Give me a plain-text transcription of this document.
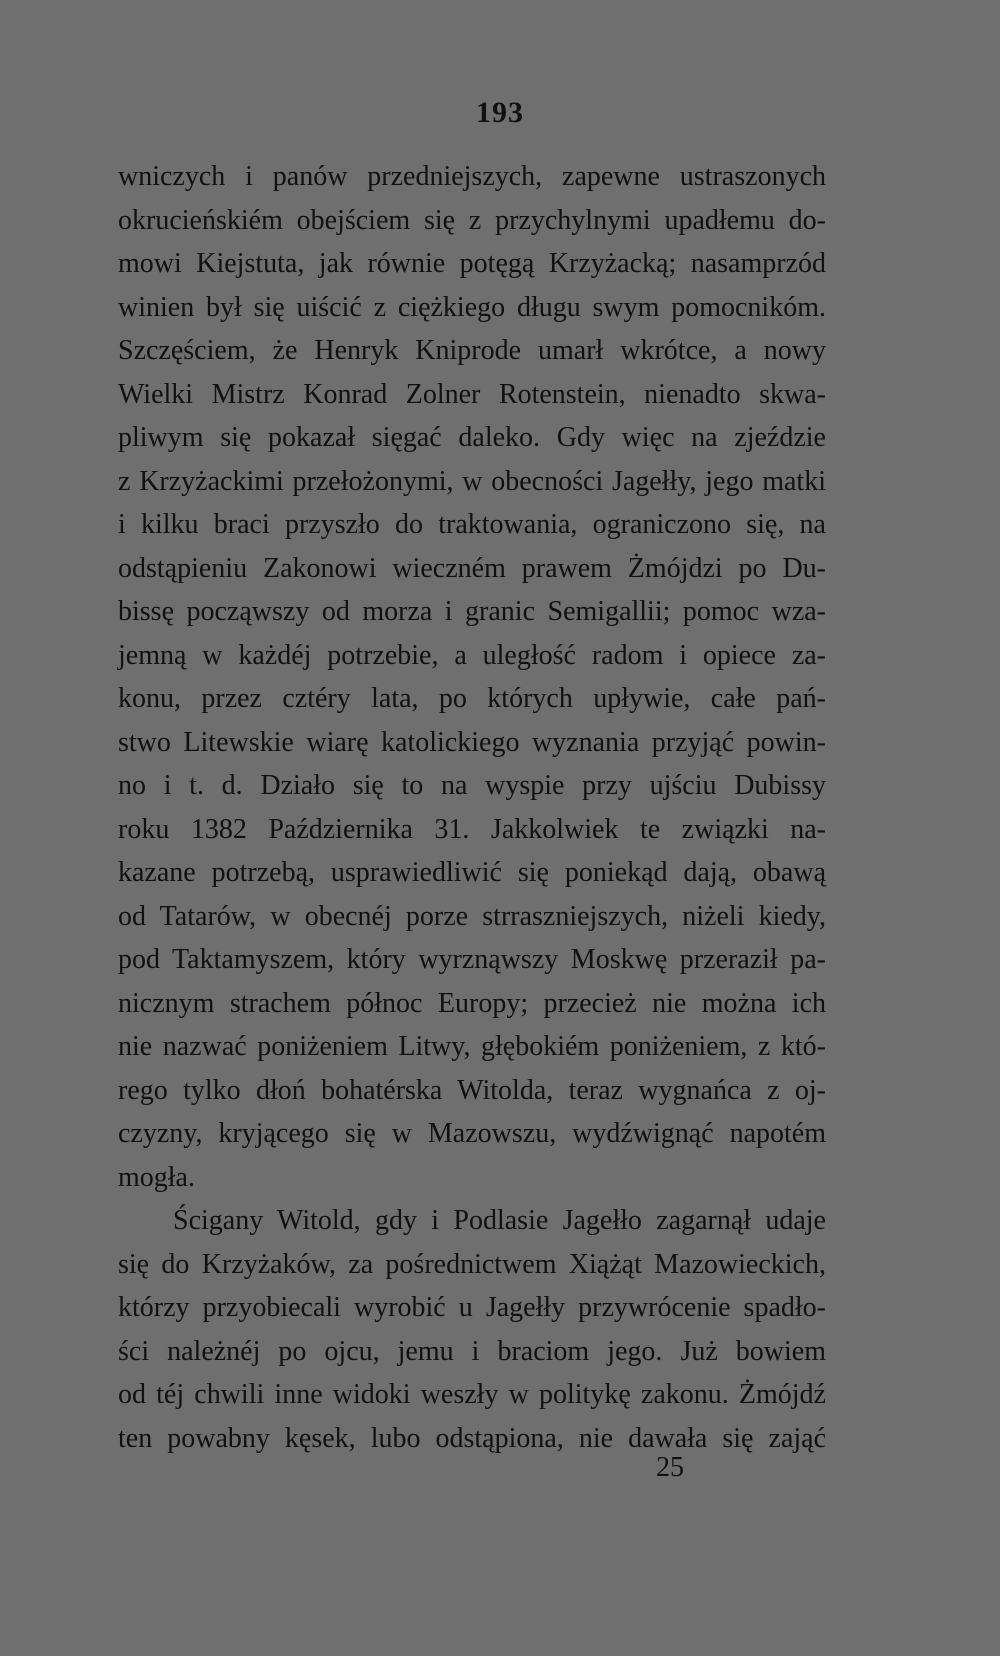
193
wniczych i panów przedniejszych, zapewne ustraszonych
okrucieńskiém obejściem się z przychylnymi upadłemu do-
mowi Kiejstuta, jak równie potęgą Krzyżacką; nasamprzód
winien był się uiścić z ciężkiego długu swym pomocnikóm.
Szczęściem, że Henryk Kniprode umarł wkrótce, a nowy
Wielki Mistrz Konrad Zolner Rotenstein, nienadto skwa-
pliwym się pokazał sięgać daleko. Gdy więc na zjeździe
z Krzyżackimi przełożonymi, w obecności Jagełły, jego matki
i kilku braci przyszło do traktowania, ograniczono się, na
odstąpieniu Zakonowi wieczném prawem Żmójdzi po Du-
bissę począwszy od morza i granic Semigallii; pomoc wza-
jemną w każdéj potrzebie, a uległość radom i opiece za-
konu, przez cztéry lata, po których upływie, całe pań-
stwo Litewskie wiarę katolickiego wyznania przyjąć powin-
no i t. d. Działo się to na wyspie przy ujściu Dubissy
roku 1382 Października 31. Jakkolwiek te związki na-
kazane potrzebą, usprawiedliwić się poniekąd dają, obawą
od Tatarów, w obecnéj porze strraszniejszych, niżeli kiedy,
pod Taktamyszem, który wyrznąwszy Moskwę przeraził pa-
nicznym strachem północ Europy; przecież nie można ich
nie nazwać poniżeniem Litwy, głębokiém poniżeniem, z któ-
rego tylko dłoń bohatérska Witolda, teraz wygnańca z oj-
czyzny, kryjącego się w Mazowszu, wydźwignąć napotém
mogła.
Ścigany Witold, gdy i Podlasie Jagełło zagarnął udaje
się do Krzyżaków, za pośrednictwem Xiążąt Mazowieckich,
którzy przyobiecali wyrobić u Jagełły przywrócenie spadło-
ści należnéj po ojcu, jemu i braciom jego. Już bowiem
od téj chwili inne widoki weszły w politykę zakonu. Żmójdź
ten powabny kęsek, lubo odstąpiona, nie dawała się zająć
25
